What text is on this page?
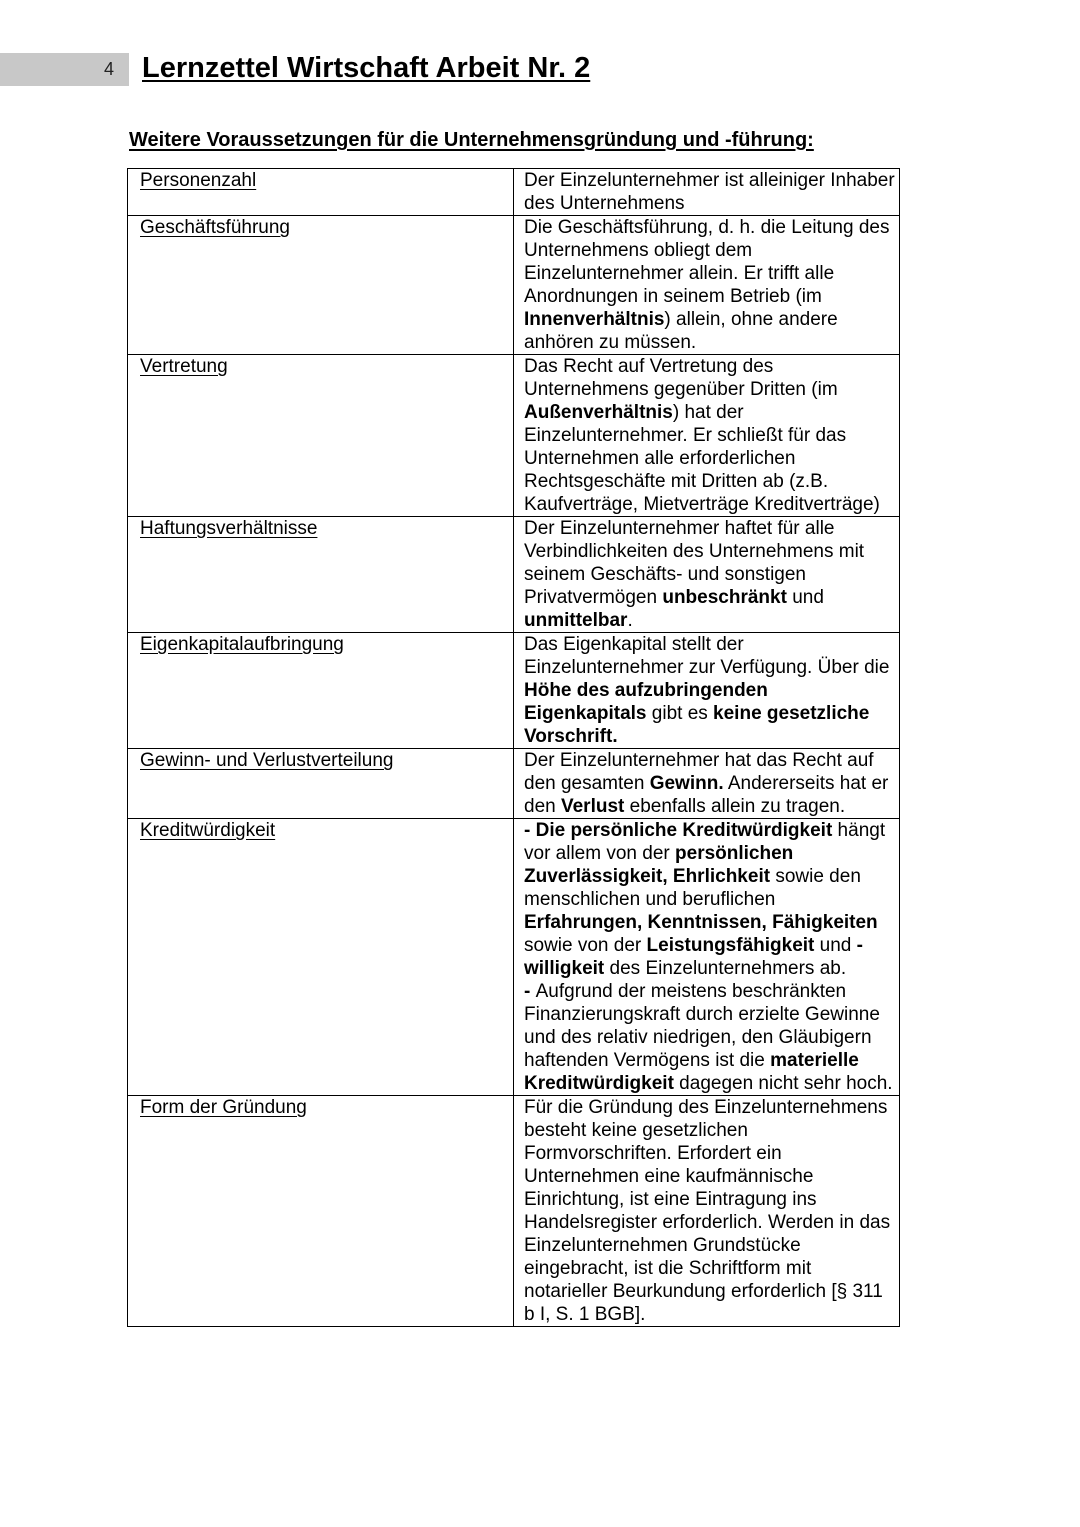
4 Lernzettel Wirtschaft Arbeit Nr. 2
Weitere Voraussetzungen für die Unternehmensgründung und -führung:
Personenzahl	Der Einzelunternehmer ist alleiniger Inhaber des Unternehmens

Geschäftsführung	Die Geschäftsführung, d. h. die Leitung des Unternehmens obliegt dem Einzelunternehmer allein. Er trifft alle Anordnungen in seinem Betrieb (im Innenverhältnis) allein, ohne andere anhören zu müssen.

Vertretung	Das Recht auf Vertretung des Unternehmens gegenüber Dritten (im Außenverhältnis) hat der Einzelunternehmer. Er schließt für das Unternehmen alle erforderlichen Rechtsgeschäfte mit Dritten ab (z.B. Kaufverträge, Mietverträge Kreditverträge)

Haftungsverhältnisse	Der Einzelunternehmer haftet für alle Verbindlichkeiten des Unternehmens mit seinem Geschäfts- und sonstigen Privatvermögen unbeschränkt und unmittelbar.

Eigenkapitalaufbringung	Das Eigenkapital stellt der Einzelunternehmer zur Verfügung. Über die Höhe des aufzubringenden Eigenkapitals gibt es keine gesetzliche Vorschrift.

Gewinn- und Verlustverteilung	Der Einzelunternehmer hat das Recht auf den gesamten Gewinn. Andererseits hat er den Verlust ebenfalls allein zu tragen.

Kreditwürdigkeit	- Die persönliche Kreditwürdigkeit hängt vor allem von der persönlichen Zuverlässigkeit, Ehrlichkeit sowie den menschlichen und beruflichen Erfahrungen, Kenntnissen, Fähigkeiten sowie von der Leistungsfähigkeit und -willigkeit des Einzelunternehmers ab.
- Aufgrund der meistens beschränkten Finanzierungskraft durch erzielte Gewinne und des relativ niedrigen, den Gläubigern haftenden Vermögens ist die materielle Kreditwürdigkeit dagegen nicht sehr hoch.

Form der Gründung	Für die Gründung des Einzelunternehmens besteht keine gesetzlichen Formvorschriften. Erfordert ein Unternehmen eine kaufmännische Einrichtung, ist eine Eintragung ins Handelsregister erforderlich. Werden in das Einzelunternehmen Grundstücke eingebracht, ist die Schriftform mit notarieller Beurkundung erforderlich [§ 311 b I, S. 1 BGB].
